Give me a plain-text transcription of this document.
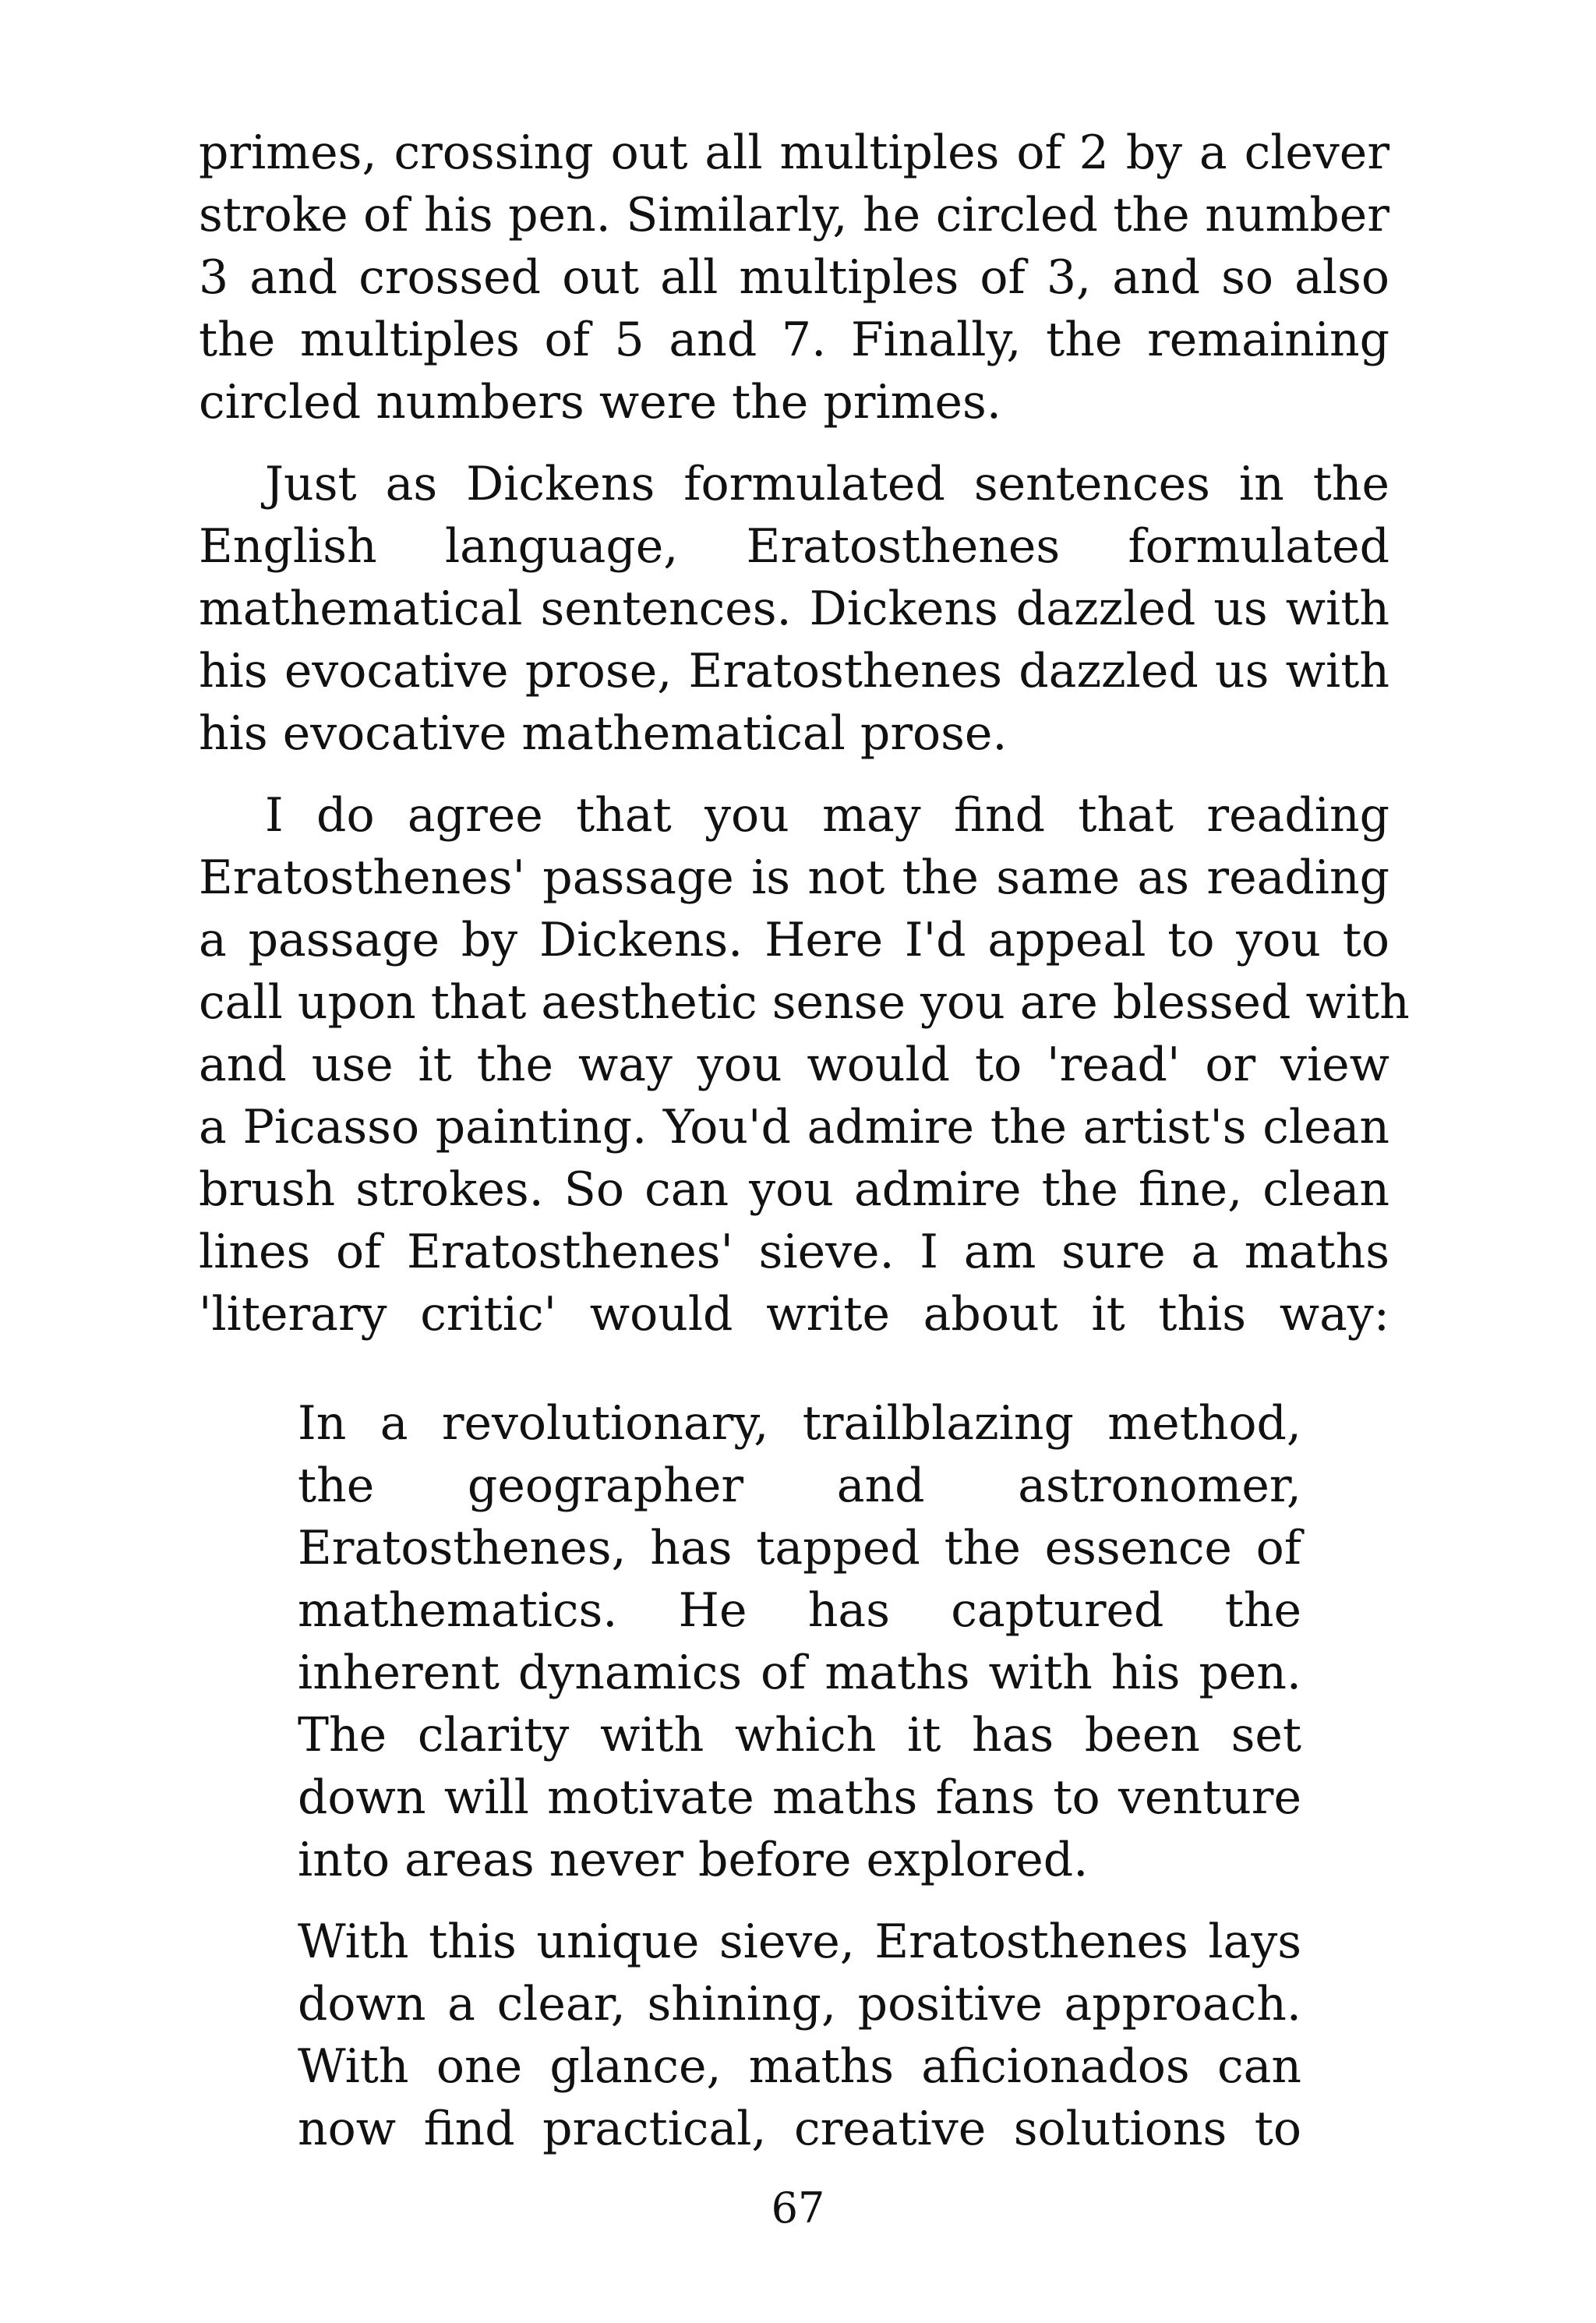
primes, crossing out all multiples of 2 by a clever

stroke of his pen. Similarly, he circled the number

3 and crossed out all multiples of 3, and so also

the multiples of 5 and 7. Finally, the remaining

circled numbers were the primes.

Just as Dickens formulated sentences in the

English language, Eratosthenes formulated

mathematical sentences. Dickens dazzled us with

his evocative prose, Eratosthenes dazzled us with

his evocative mathematical prose.

I do agree that you may find that reading

Eratosthenes' passage is not the same as reading

a passage by Dickens. Here I'd appeal to you to

call upon that aesthetic sense you are blessed with

and use it the way you would to 'read' or view

a Picasso painting. You'd admire the artist's clean

brush strokes. So can you admire the fine, clean

lines of Eratosthenes' sieve. I am sure a maths

'literary critic' would write about it this way:

In a revolutionary, trailblazing method,

the geographer and astronomer,

Eratosthenes, has tapped the essence of

mathematics. He has captured the

inherent dynamics of maths with his pen.

The clarity with which it has been set

down will motivate maths fans to venture

into areas never before explored.

With this unique sieve, Eratosthenes lays

down a clear, shining, positive approach.

With one glance, maths aficionados can

now find practical, creative solutions to

67
